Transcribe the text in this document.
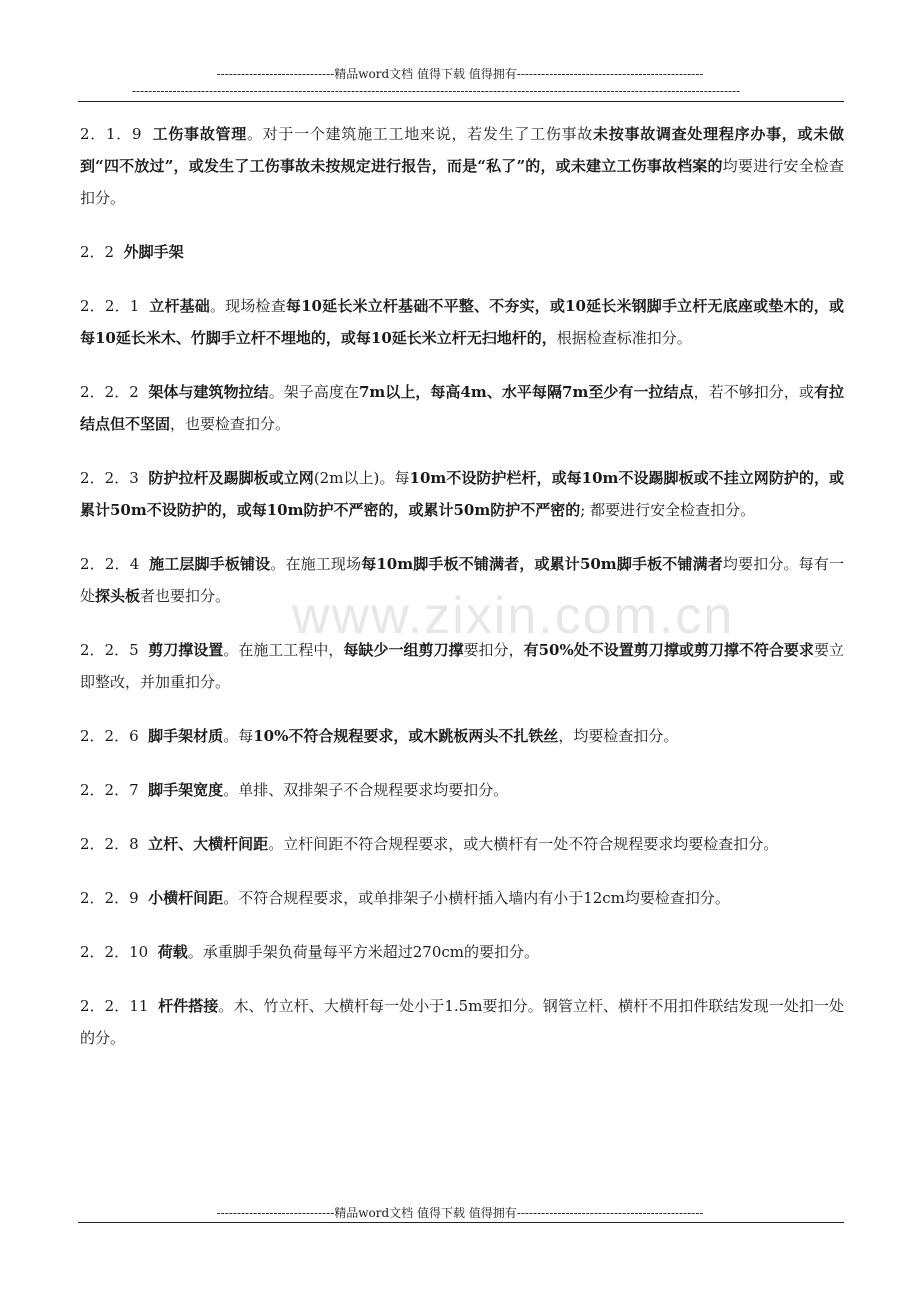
-----------------------------精品word文档 值得下载 值得拥有----------------------------------------------
------------------------------------------------------------------------------------------------------------------------------------------------------
www.zixin.com.cn

2．1．9  工伤事故管理。对于一个建筑施工工地来说，若发生了工伤事故未按事故调查处理程序办事，或未做到“四不放过”，或发生了工伤事故未按规定进行报告，而是“私了”的，或未建立工伤事故档案的均要进行安全检查扣分。

2．2  外脚手架

2．2．1  立杆基础。现场检查每10延长米立杆基础不平整、不夯实，或10延长米钢脚手立杆无底座或垫木的，或每10延长米木、竹脚手立杆不埋地的，或每10延长米立杆无扫地杆的，根据检查标准扣分。

2．2．2  架体与建筑物拉结。架子高度在7m以上，每高4m、水平每隔7m至少有一拉结点，若不够扣分，或有拉结点但不坚固，也要检查扣分。

2．2．3  防护拉杆及踢脚板或立网(2m以上)。每10m不设防护栏杆，或每10m不设踢脚板或不挂立网防护的，或累计50m不设防护的，或每10m防护不严密的，或累计50m防护不严密的; 都要进行安全检查扣分。

2．2．4  施工层脚手板铺设。在施工现场每10m脚手板不铺满者，或累计50m脚手板不铺满者均要扣分。每有一处探头板者也要扣分。

2．2．5  剪刀撑设置。在施工工程中，每缺少一组剪刀撑要扣分，有50%处不设置剪刀撑或剪刀撑不符合要求要立即整改，并加重扣分。

2．2．6  脚手架材质。每10%不符合规程要求，或木跳板两头不扎铁丝，均要检查扣分。

2．2．7  脚手架宽度。单排、双排架子不合规程要求均要扣分。

2．2．8  立杆、大横杆间距。立杆间距不符合规程要求，或大横杆有一处不符合规程要求均要检查扣分。

2．2．9  小横杆间距。不符合规程要求，或单排架子小横杆插入墙内有小于12cm均要检查扣分。

2．2．10  荷载。承重脚手架负荷量每平方米超过270cm的要扣分。

2．2．11  杆件搭接。木、竹立杆、大横杆每一处小于1.5m要扣分。钢管立杆、横杆不用扣件联结发现一处扣一处的分。

-----------------------------精品word文档 值得下载 值得拥有----------------------------------------------
